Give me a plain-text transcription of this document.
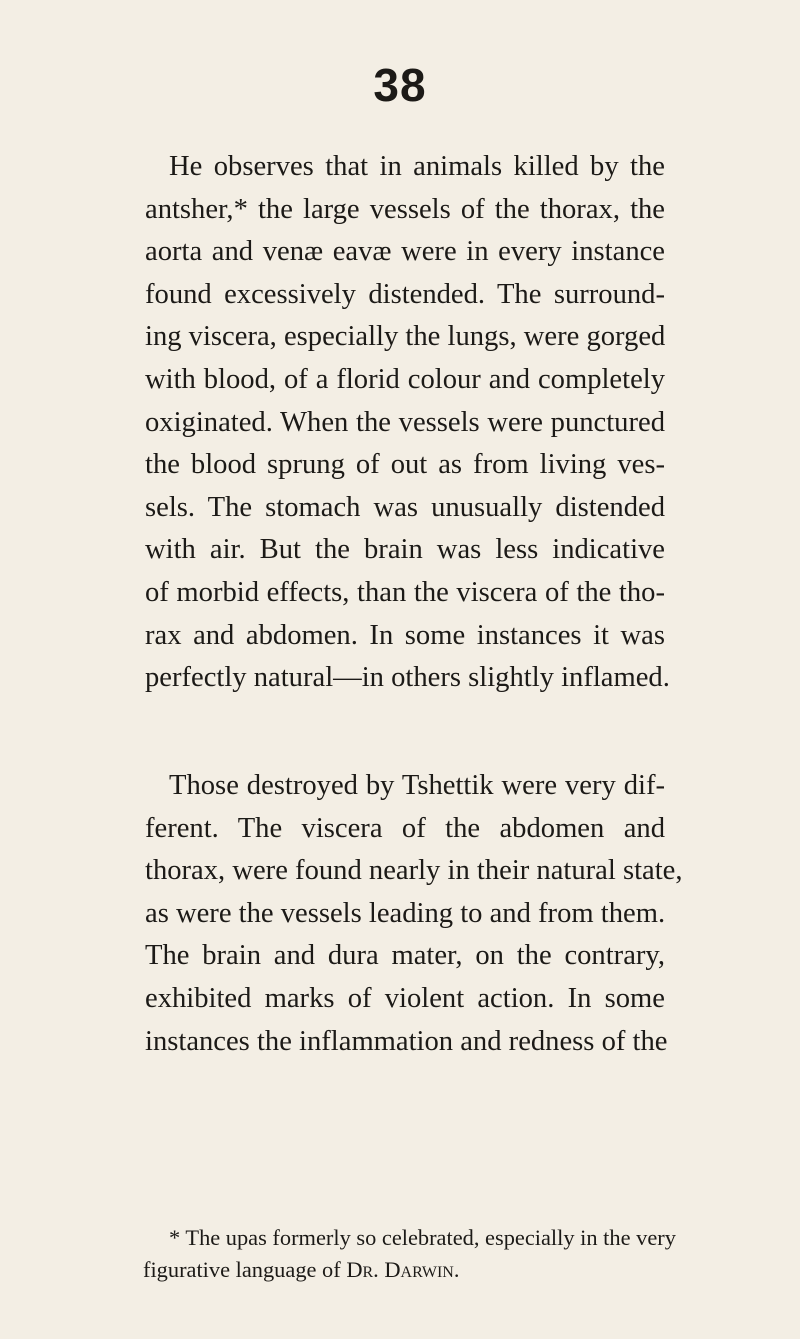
38
He observes that in animals killed by the
antsher,* the large vessels of the thorax, the
aorta and venæ eavæ were in every instance
found excessively distended. The surround-
ing viscera, especially the lungs, were gorged
with blood, of a florid colour and completely
oxiginated. When the vessels were punctured
the blood sprung of out as from living ves-
sels. The stomach was unusually distended
with air. But the brain was less indicative
of morbid effects, than the viscera of the tho-
rax and abdomen. In some instances it was
perfectly natural—in others slightly inflamed.
Those destroyed by Tshettik were very dif-
ferent. The viscera of the abdomen and
thorax, were found nearly in their natural state,
as were the vessels leading to and from them.
The brain and dura mater, on the contrary,
exhibited marks of violent action. In some
instances the inflammation and redness of the
* The upas formerly so celebrated, especially in the very
figurative language of Dr. Darwin.
